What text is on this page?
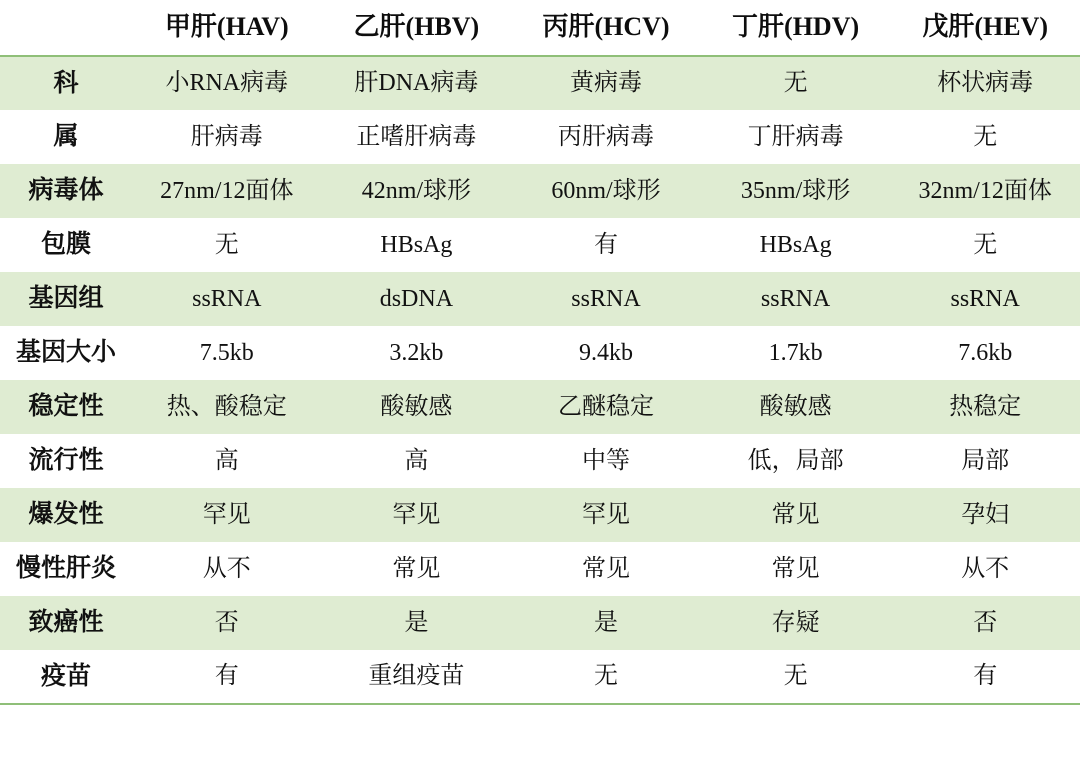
	甲肝(HAV)	乙肝(HBV)	丙肝(HCV)	丁肝(HDV)	戊肝(HEV)

科	小RNA病毒	肝DNA病毒	黄病毒	无	杯状病毒

属	肝病毒	正嗜肝病毒	丙肝病毒	丁肝病毒	无

病毒体	27nm/12面体	42nm/球形	60nm/球形	35nm/球形	32nm/12面体

包膜	无	HBsAg	有	HBsAg	无

基因组	ssRNA	dsDNA	ssRNA	ssRNA	ssRNA

基因大小	7.5kb	3.2kb	9.4kb	1.7kb	7.6kb

稳定性	热、酸稳定	酸敏感	乙醚稳定	酸敏感	热稳定

流行性	高	高	中等	低，局部	局部

爆发性	罕见	罕见	罕见	常见	孕妇

慢性肝炎	从不	常见	常见	常见	从不

致癌性	否	是	是	存疑	否

疫苗	有	重组疫苗	无	无	有
